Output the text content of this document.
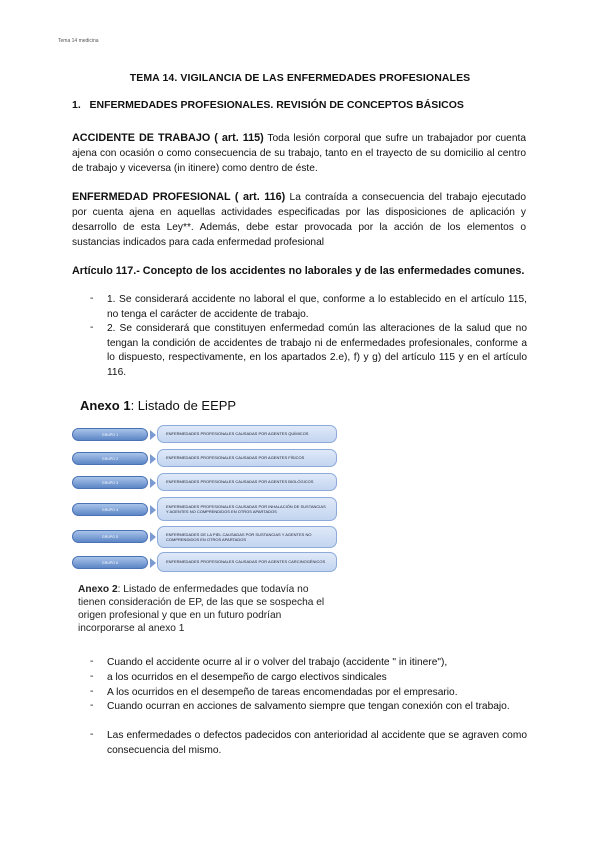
Tema 14 medicina
TEMA 14. VIGILANCIA DE LAS ENFERMEDADES PROFESIONALES
1. ENFERMEDADES PROFESIONALES. REVISIÓN DE CONCEPTOS BÁSICOS
ACCIDENTE DE TRABAJO ( art. 115) Toda lesión corporal que sufre un trabajador por cuenta ajena con ocasión o como consecuencia de su trabajo, tanto en el trayecto de su domicilio al centro de trabajo y viceversa (in itinere) como dentro de éste.
ENFERMEDAD PROFESIONAL ( art. 116) La contraída a consecuencia del trabajo ejecutado por cuenta ajena en aquellas actividades especificadas por las disposiciones de aplicación y desarrollo de esta Ley**. Además, debe estar provocada por la acción de los elementos o sustancias indicados para cada enfermedad profesional
Artículo 117.- Concepto de los accidentes no laborales y de las enfermedades comunes.
- 1. Se considerará accidente no laboral el que, conforme a lo establecido en el artículo 115, no tenga el carácter de accidente de trabajo.
- 2. Se considerará que constituyen enfermedad común las alteraciones de la salud que no tengan la condición de accidentes de trabajo ni de enfermedades profesionales, conforme a lo dispuesto, respectivamente, en los apartados 2.e), f) y g) del artículo 115 y en el artículo 116.
Anexo 1: Listado de EEPP
GRUPO 1	ENFERMEDADES PROFESIONALES CAUSADAS POR AGENTES QUÍMICOS
GRUPO 2	ENFERMEDADES PROFESIONALES CAUSADAS POR AGENTES FÍSICOS
GRUPO 3	ENFERMEDADES PROFESIONALES CAUSADAS POR AGENTES BIOLÓGICOS
GRUPO 4
ENFERMEDADES PROFESIONALES CAUSADAS POR INHALACIÓN DE SUSTANCIAS Y AGENTES NO COMPRENDIDOS EN OTROS APARTADOS
GRUPO 5
ENFERMEDADES DE LA PIEL CAUSADAS POR SUSTANCIAS Y AGENTES NO COMPRENDIDOS EN OTROS APARTADOS
GRUPO 6	ENFERMEDADES PROFESIONALES CAUSADAS POR AGENTES CARCINOGÉNICOS
Anexo 2: Listado de enfermedades que todavía no tienen consideración de EP, de las que se sospecha el origen profesional y que en un futuro podrían incorporarse al anexo 1
- Cuando el accidente ocurre al ir o volver del trabajo (accidente " in itinere"),
- a los ocurridos en el desempeño de cargo electivos sindicales
- A los ocurridos en el desempeño de tareas encomendadas por el empresario.
- Cuando ocurran en acciones de salvamento siempre que tengan conexión con el trabajo.
- Las enfermedades o defectos padecidos con anterioridad al accidente que se agraven como consecuencia del mismo.
